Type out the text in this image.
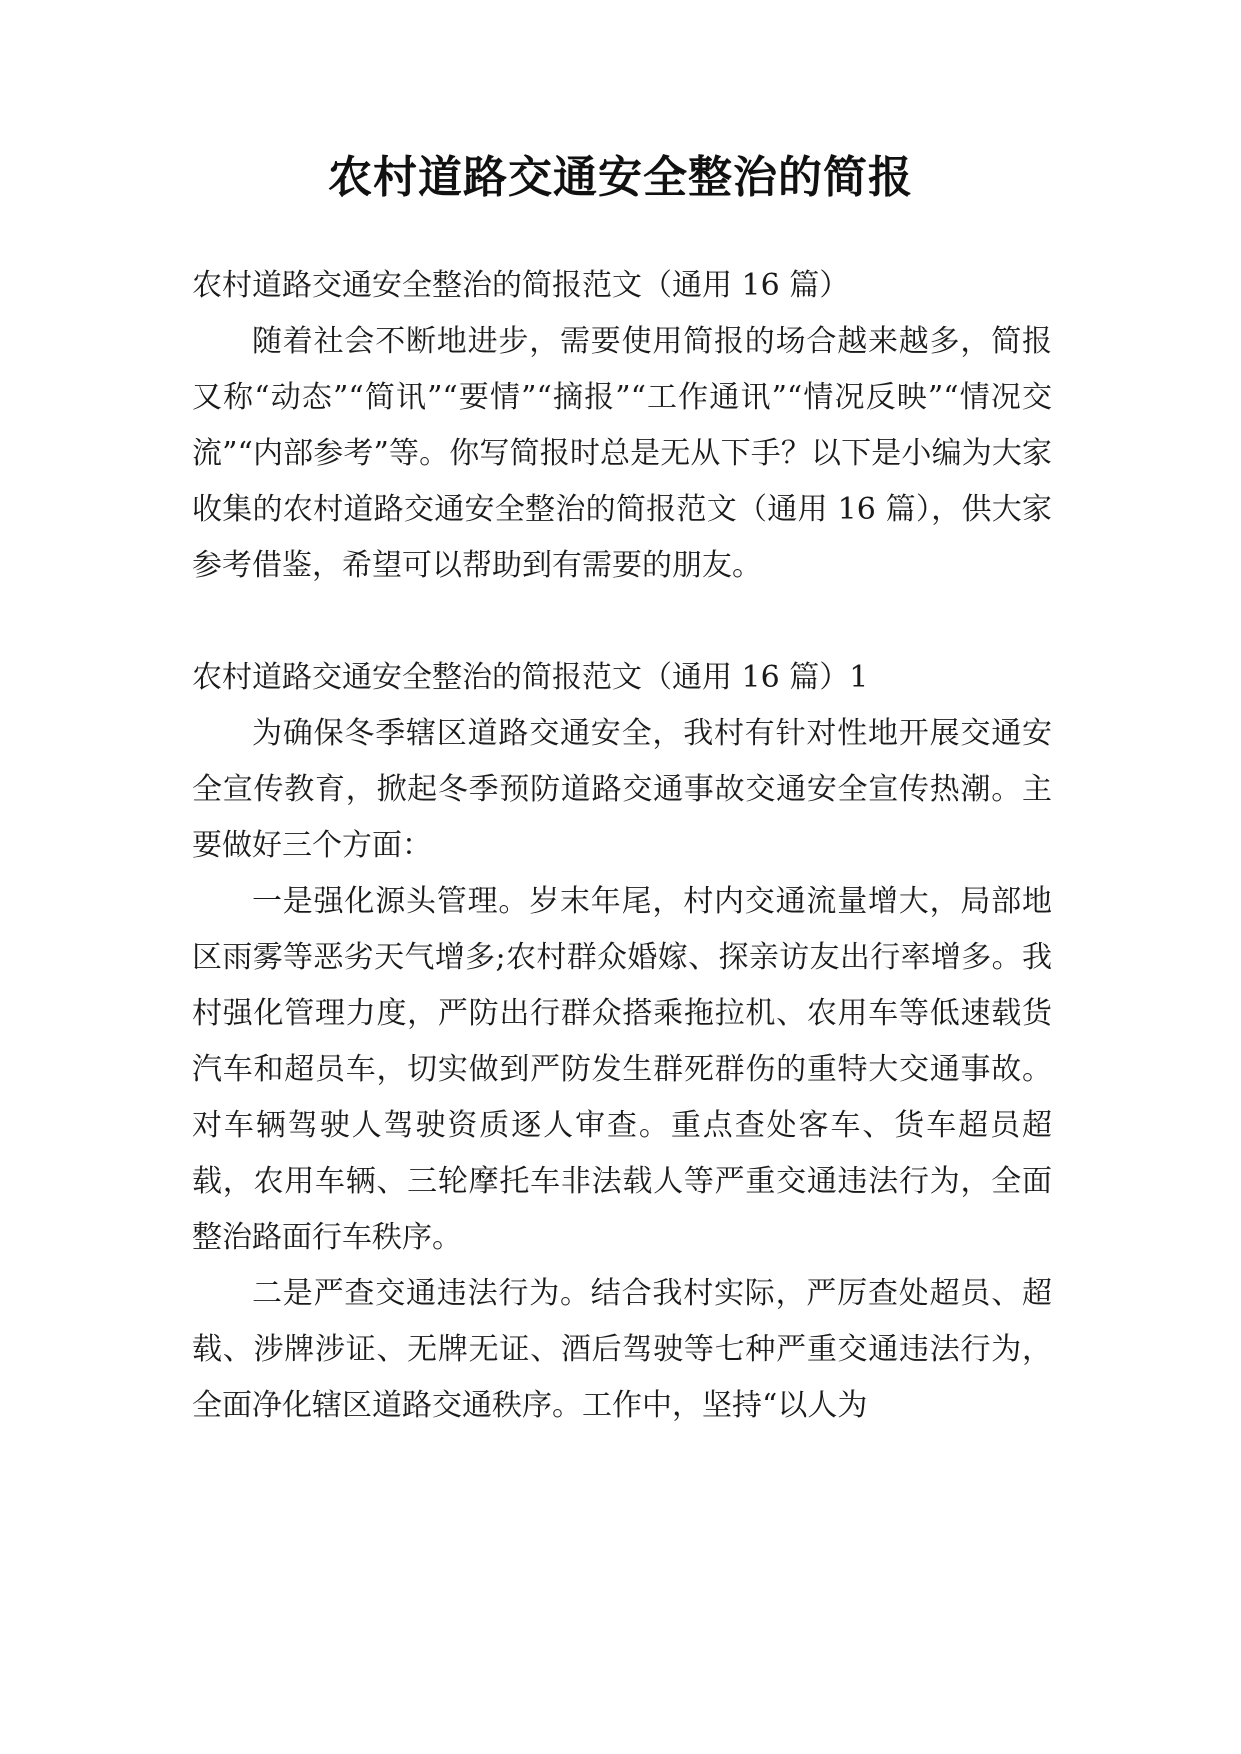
农村道路交通安全整治的简报

农村道路交通安全整治的简报范文（通用 16 篇）

随着社会不断地进步，需要使用简报的场合越来越多，简报又称“动态”“简讯”“要情”“摘报”“工作通讯”“情况反映”“情况交流”“内部参考”等。你写简报时总是无从下手？以下是小编为大家收集的农村道路交通安全整治的简报范文（通用 16 篇），供大家参考借鉴，希望可以帮助到有需要的朋友。

农村道路交通安全整治的简报范文（通用 16 篇）1

为确保冬季辖区道路交通安全，我村有针对性地开展交通安全宣传教育，掀起冬季预防道路交通事故交通安全宣传热潮。主要做好三个方面：

一是强化源头管理。岁末年尾，村内交通流量增大，局部地区雨雾等恶劣天气增多;农村群众婚嫁、探亲访友出行率增多。我村强化管理力度，严防出行群众搭乘拖拉机、农用车等低速载货汽车和超员车，切实做到严防发生群死群伤的重特大交通事故。对车辆驾驶人驾驶资质逐人审查。重点查处客车、货车超员超载，农用车辆、三轮摩托车非法载人等严重交通违法行为，全面整治路面行车秩序。

二是严查交通违法行为。结合我村实际，严厉查处超员、超载、涉牌涉证、无牌无证、酒后驾驶等七种严重交通违法行为，全面净化辖区道路交通秩序。工作中，坚持“以人为
